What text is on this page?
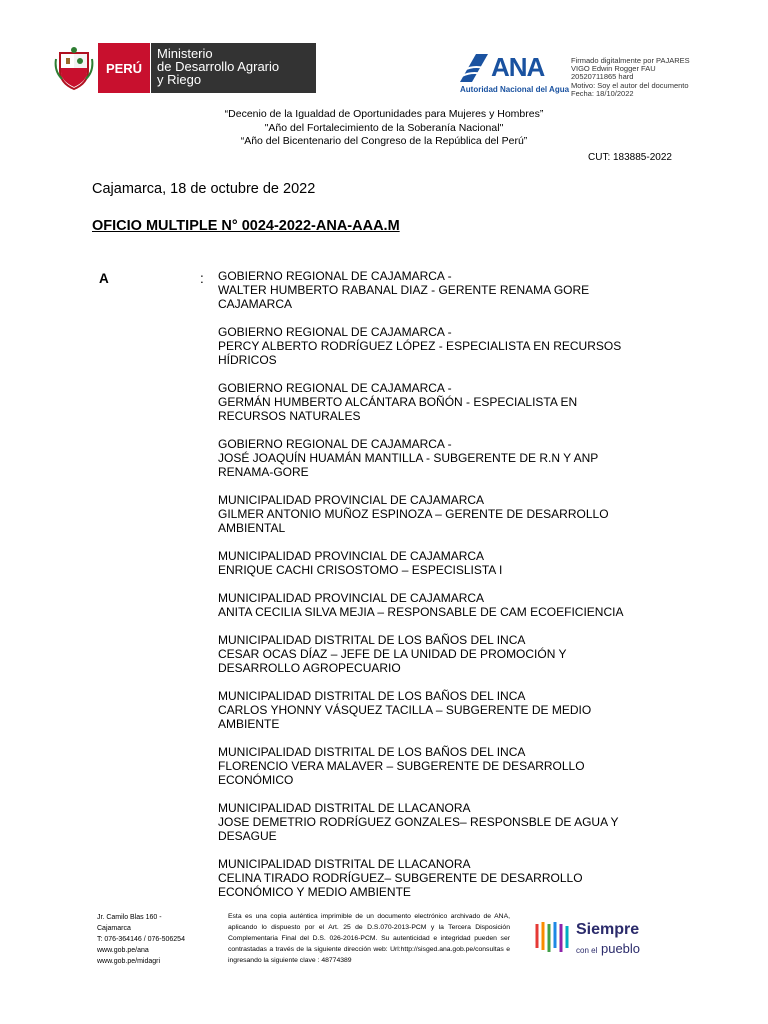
PERÚ
Ministerio
de Desarrollo Agrario
y Riego	ANA
Autoridad Nacional del Agua
Firmado digitalmente por PAJARES
VIGO Edwin Rogger FAU
20520711865 hard
Motivo: Soy el autor del documento
Fecha: 18/10/2022
“Decenio de la Igualdad de Oportunidades para Mujeres y Hombres”
"Año del Fortalecimiento de la Soberanía Nacional"
“Año del Bicentenario del Congreso de la República del Perú”
CUT: 183885-2022
Cajamarca, 18 de octubre de 2022
OFICIO MULTIPLE N° 0024-2022-ANA-AAA.M
A	: GOBIERNO REGIONAL DE CAJAMARCA -
WALTER HUMBERTO RABANAL DIAZ - GERENTE RENAMA GORE
CAJAMARCA
GOBIERNO REGIONAL DE CAJAMARCA -
PERCY ALBERTO RODRÍGUEZ LÓPEZ - ESPECIALISTA EN RECURSOS
HÍDRICOS
GOBIERNO REGIONAL DE CAJAMARCA -
GERMÁN HUMBERTO ALCÁNTARA BOÑÓN - ESPECIALISTA EN
RECURSOS NATURALES
GOBIERNO REGIONAL DE CAJAMARCA -
JOSÉ JOAQUÍN HUAMÁN MANTILLA - SUBGERENTE DE R.N Y ANP
RENAMA-GORE
MUNICIPALIDAD PROVINCIAL DE CAJAMARCA
GILMER ANTONIO MUÑOZ ESPINOZA – GERENTE DE DESARROLLO
AMBIENTAL
MUNICIPALIDAD PROVINCIAL DE CAJAMARCA
ENRIQUE CACHI CRISOSTOMO – ESPECISLISTA I
MUNICIPALIDAD PROVINCIAL DE CAJAMARCA
ANITA CECILIA SILVA MEJIA – RESPONSABLE DE CAM ECOEFICIENCIA
MUNICIPALIDAD DISTRITAL DE LOS BAÑOS DEL INCA
CESAR OCAS DÍAZ – JEFE DE LA UNIDAD DE PROMOCIÓN Y
DESARROLLO AGROPECUARIO
MUNICIPALIDAD DISTRITAL DE LOS BAÑOS DEL INCA
CARLOS YHONNY VÁSQUEZ TACILLA – SUBGERENTE DE MEDIO
AMBIENTE
MUNICIPALIDAD DISTRITAL DE LOS BAÑOS DEL INCA
FLORENCIO VERA MALAVER – SUBGERENTE DE DESARROLLO
ECONÓMICO
MUNICIPALIDAD DISTRITAL DE LLACANORA
JOSE DEMETRIO RODRÍGUEZ GONZALES– RESPONSBLE DE AGUA Y
DESAGUE
MUNICIPALIDAD DISTRITAL DE LLACANORA
CELINA TIRADO RODRÍGUEZ– SUBGERENTE DE DESARROLLO
ECONÓMICO Y MEDIO AMBIENTE
Jr. Camilo Blas 160 -
Cajamarca
T: 076-364146 / 076-506254
www.gob.pe/ana
www.gob.pe/midagri
Esta es una copia auténtica imprimible de un documento electrónico archivado de ANA, aplicando lo dispuesto por el Art. 25 de D.S.070-2013-PCM y la Tercera Disposición Complementaria Final del D.S. 026-2016-PCM. Su autenticidad e integridad pueden ser contrastadas a través de la siguiente dirección web: Url:http://sisged.ana.gob.pe/consultas e ingresando la siguiente clave : 48774389
Siempre
con el pueblo
